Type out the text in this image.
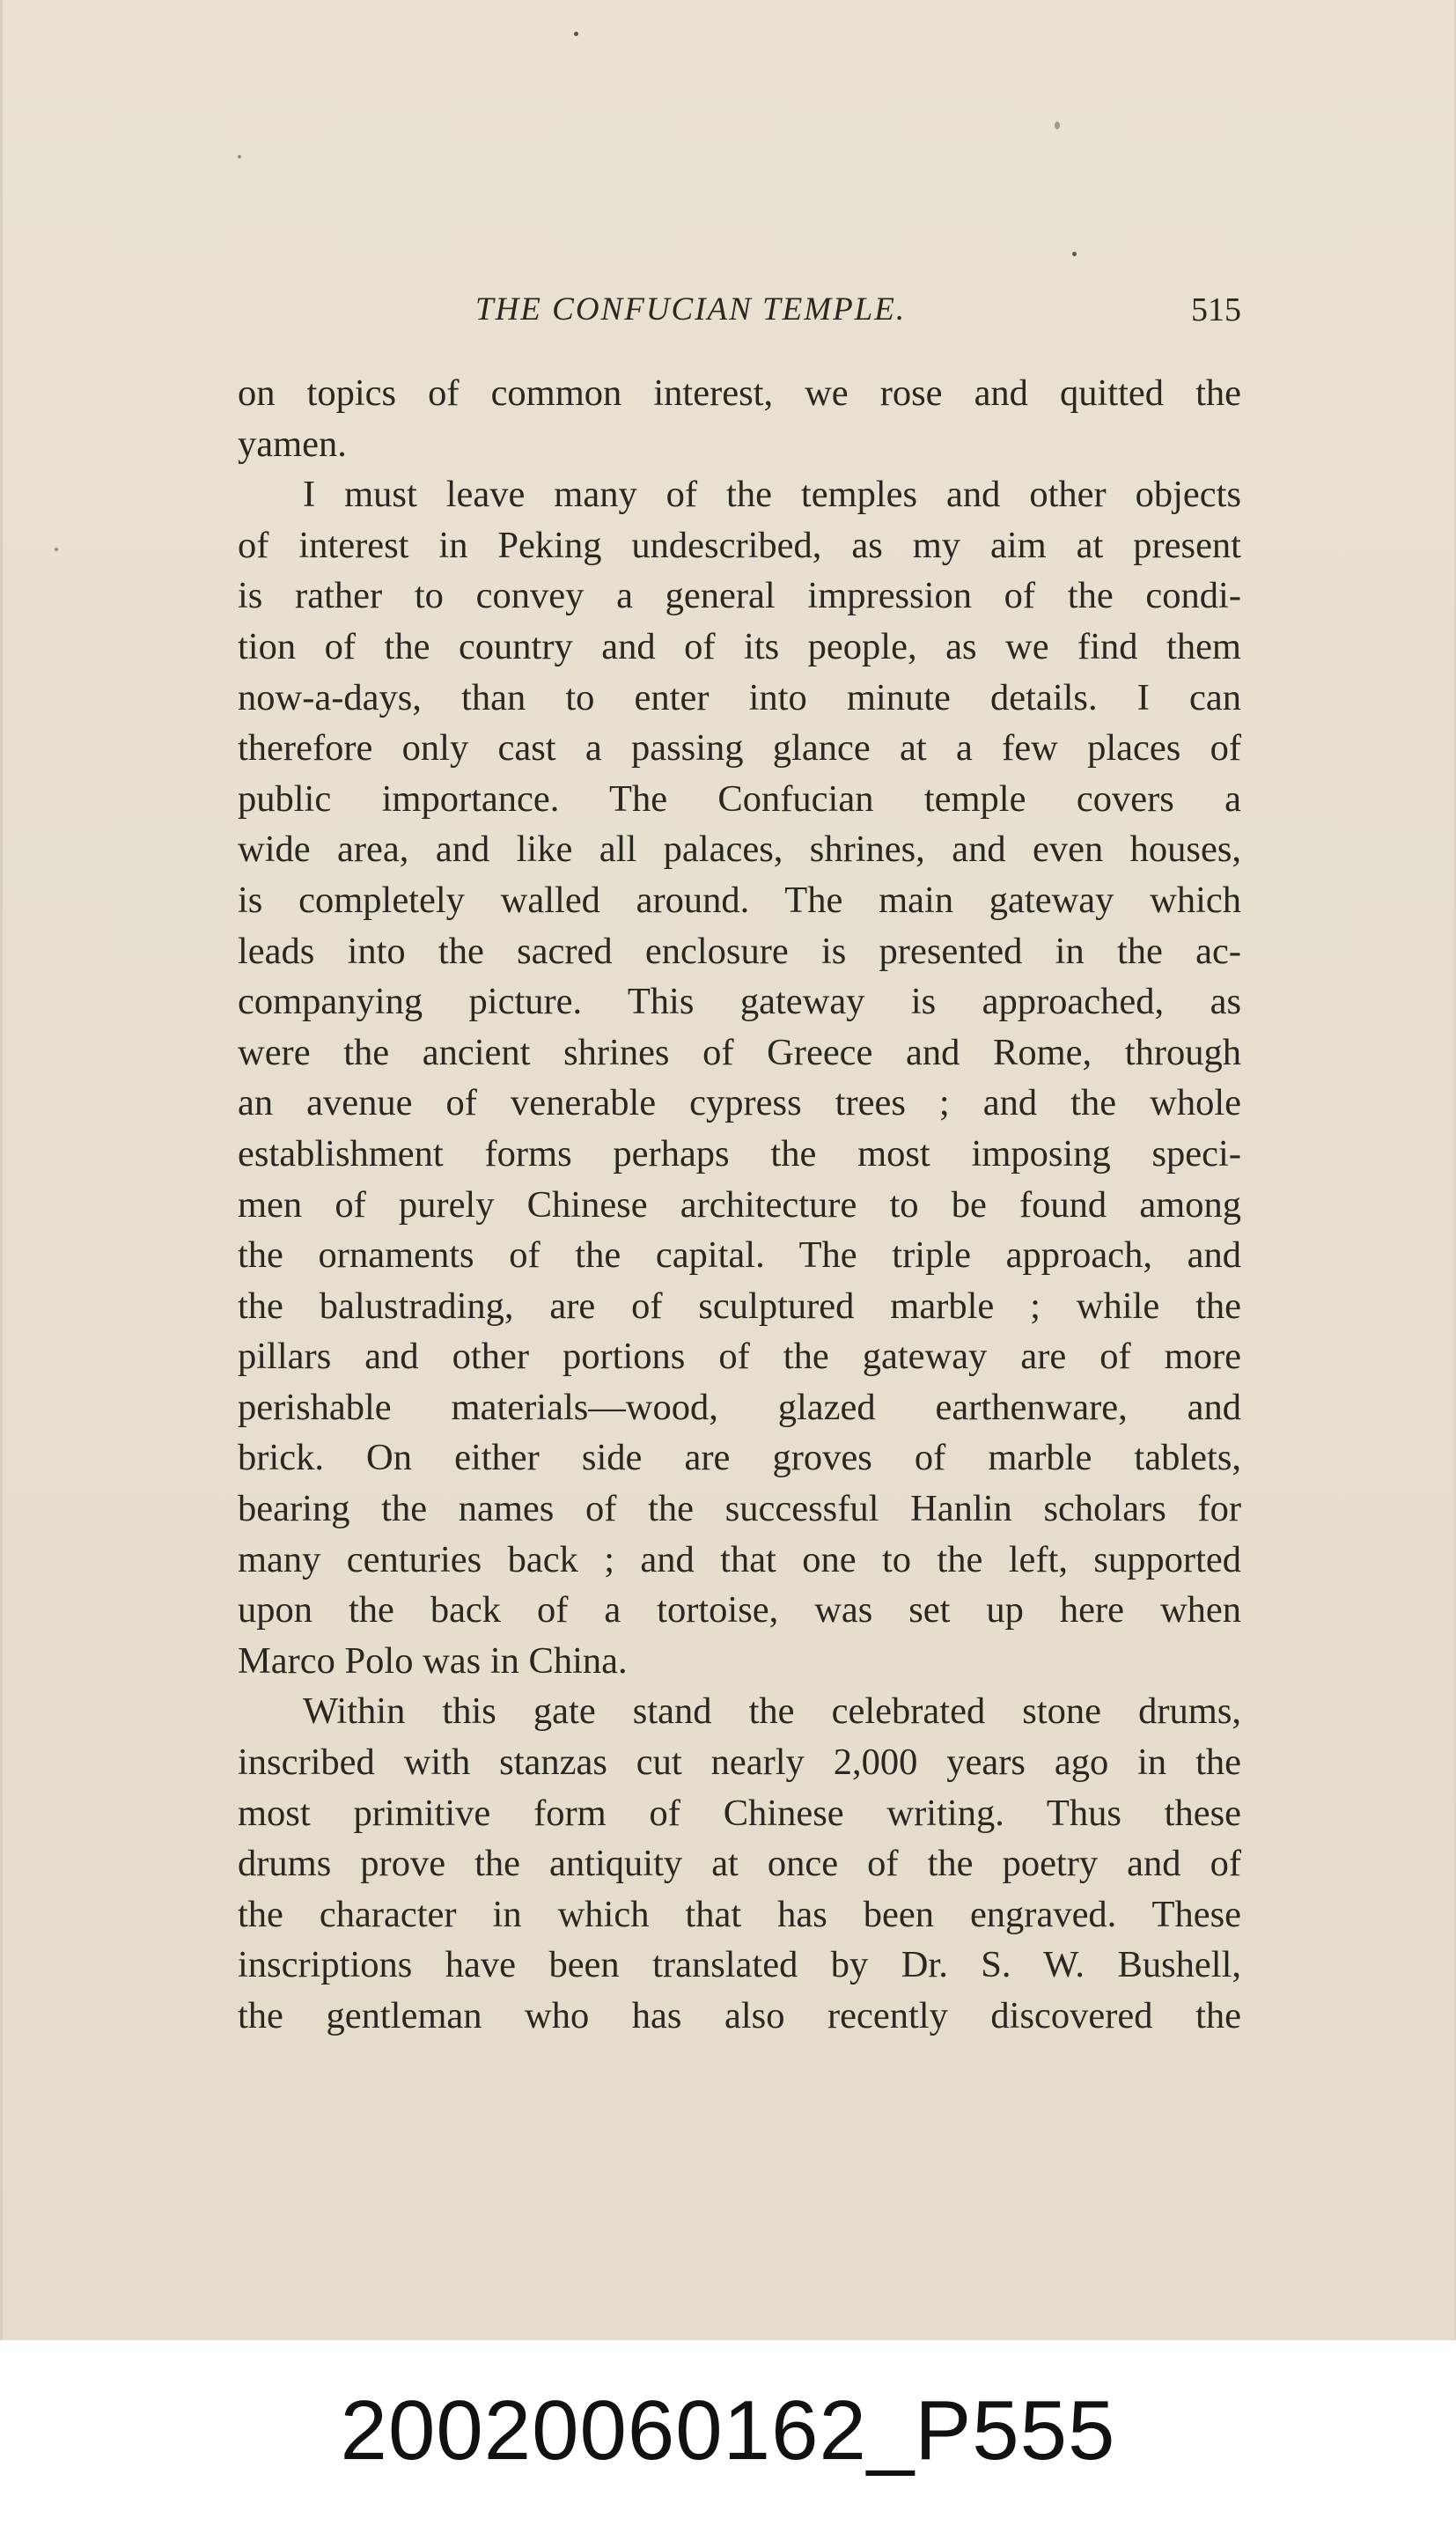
THE CONFUCIAN TEMPLE.	515
on topics of common interest, we rose and quitted the
yamen.
I must leave many of the temples and other objects
of interest in Peking undescribed, as my aim at present
is rather to convey a general impression of the condi-
tion of the country and of its people, as we find them
now-a-days, than to enter into minute details. I can
therefore only cast a passing glance at a few places of
public importance. The Confucian temple covers a
wide area, and like all palaces, shrines, and even houses,
is completely walled around. The main gateway which
leads into the sacred enclosure is presented in the ac-
companying picture. This gateway is approached, as
were the ancient shrines of Greece and Rome, through
an avenue of venerable cypress trees ; and the whole
establishment forms perhaps the most imposing speci-
men of purely Chinese architecture to be found among
the ornaments of the capital. The triple approach, and
the balustrading, are of sculptured marble ; while the
pillars and other portions of the gateway are of more
perishable materials—wood, glazed earthenware, and
brick. On either side are groves of marble tablets,
bearing the names of the successful Hanlin scholars for
many centuries back ; and that one to the left, supported
upon the back of a tortoise, was set up here when
Marco Polo was in China.
Within this gate stand the celebrated stone drums,
inscribed with stanzas cut nearly 2,000 years ago in the
most primitive form of Chinese writing. Thus these
drums prove the antiquity at once of the poetry and of
the character in which that has been engraved. These
inscriptions have been translated by Dr. S. W. Bushell,
the gentleman who has also recently discovered the
20020060162_P555
